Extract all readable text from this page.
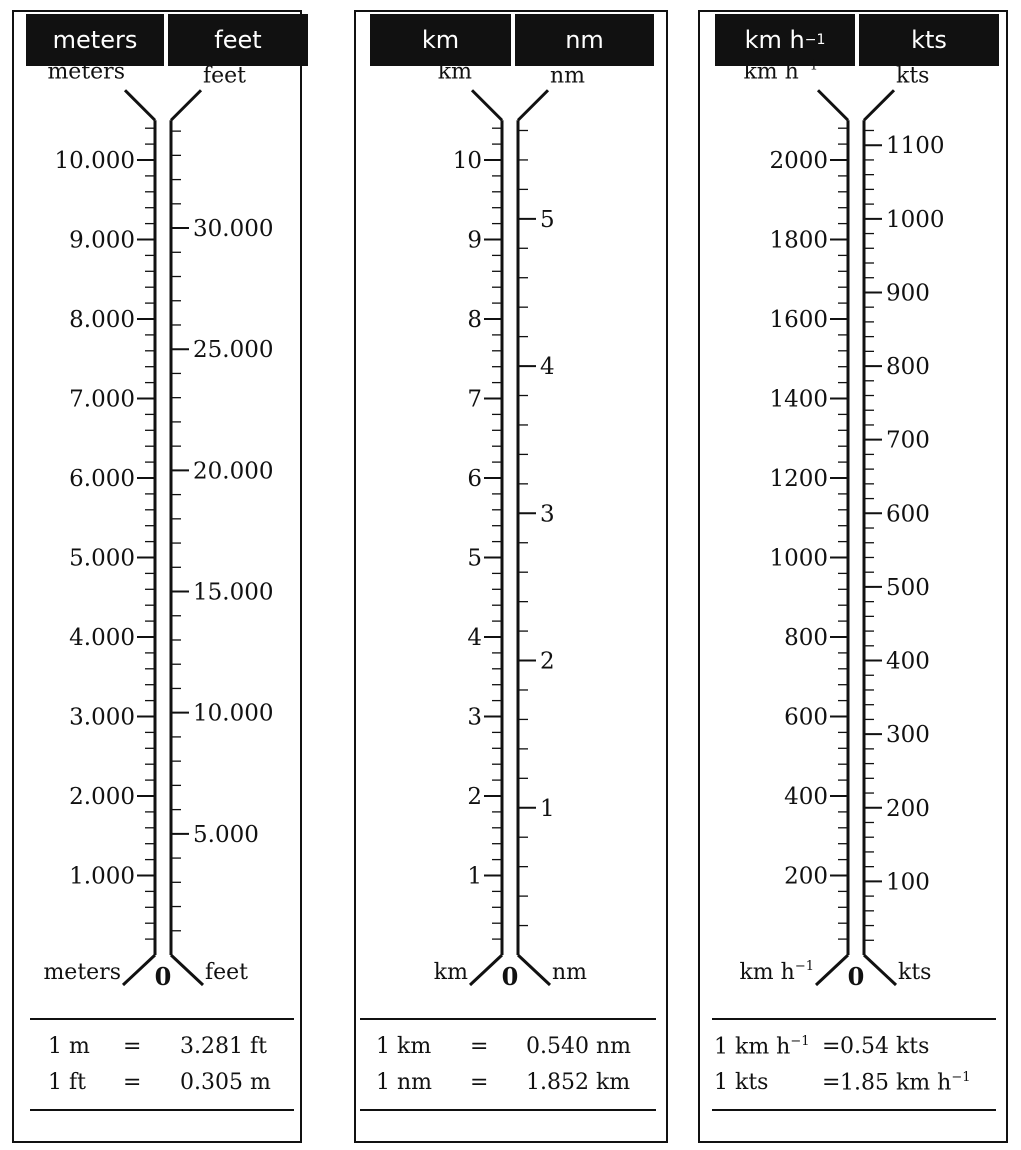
meters	feet
1.000
2.000
3.000
4.000
5.000
6.000
7.000
8.000
9.000
10.000
5.000
10.000
15.000
20.000
25.000
30.000
meters	feet
meters	feet
0
1 m = 3.281 ft
1 ft = 0.305 m
km	nm
1
2
3
4
5
6
7
8
9
10
1
2
3
4
5
km	nm
km	nm
0
1 km = 0.540 nm
1 nm = 1.852 km
km h −1	kts
200
400
600
800
1000
1200
1400
1600
1800
2000
100
200
300
400
500
600
700
800
900
1000
1100
km $h^{-1}$	kts
km $h^{-1}$	kts
0
1 km $h^{-1} = 0.54$ kts
1 kts = 1.85 km $h^{-1}$
